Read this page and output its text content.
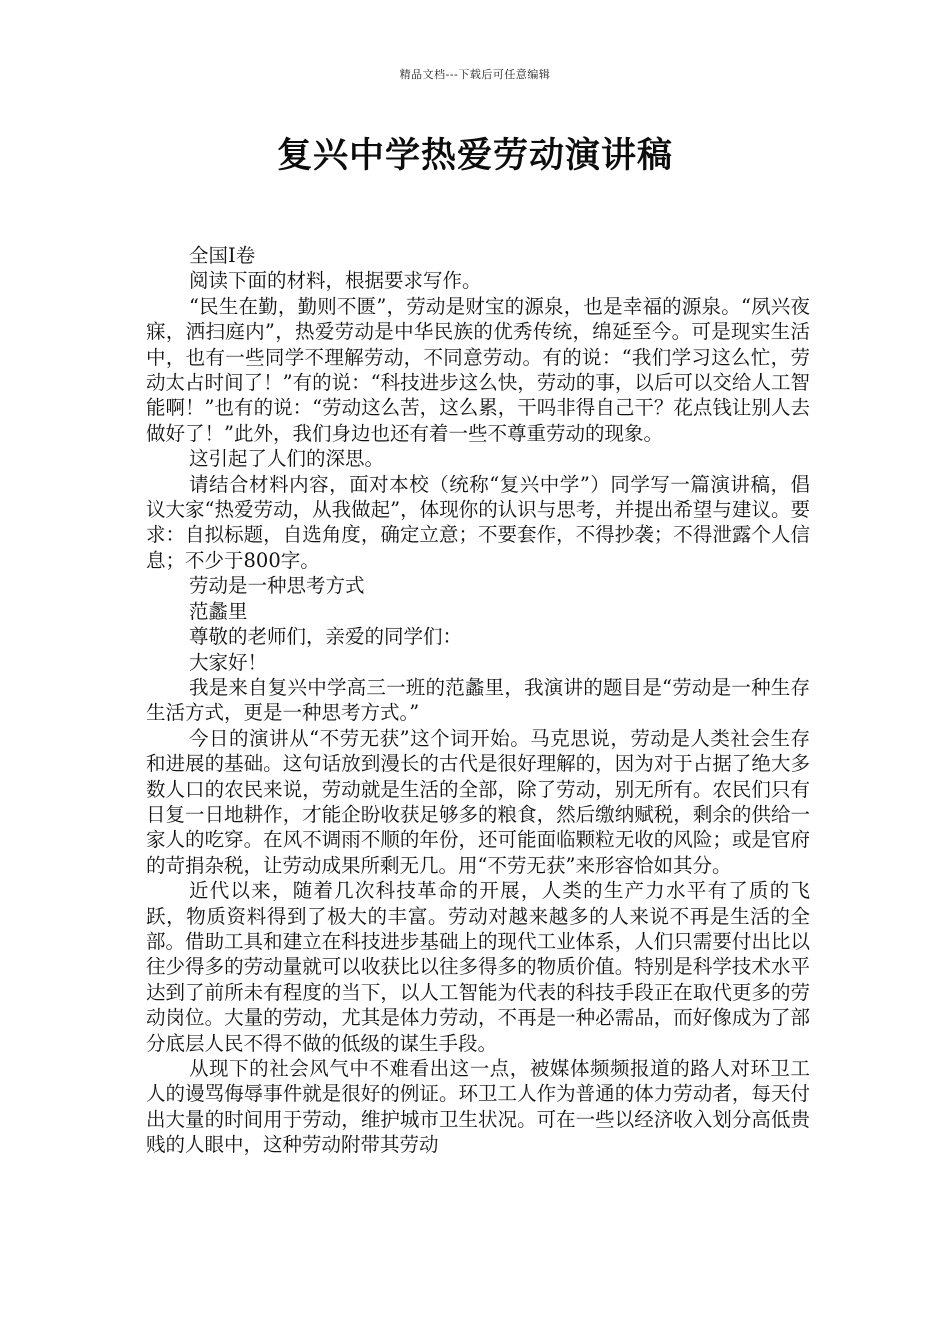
精品文档---下载后可任意编辑
复兴中学热爱劳动演讲稿

全国Ⅰ卷

阅读下面的材料，根据要求写作。

“民生在勤，勤则不匮”，劳动是财宝的源泉，也是幸福的源泉。“夙兴夜寐，洒扫庭内”，热爱劳动是中华民族的优秀传统，绵延至今。可是现实生活中，也有一些同学不理解劳动，不同意劳动。有的说：“我们学习这么忙，劳动太占时间了！”有的说：“科技进步这么快，劳动的事，以后可以交给人工智能啊！”也有的说：“劳动这么苦，这么累，干吗非得自己干？花点钱让别人去做好了！”此外，我们身边也还有着一些不尊重劳动的现象。

这引起了人们的深思。

请结合材料内容，面对本校（统称“复兴中学”）同学写一篇演讲稿，倡议大家“热爱劳动，从我做起”，体现你的认识与思考，并提出希望与建议。要求：自拟标题，自选角度，确定立意；不要套作，不得抄袭；不得泄露个人信息；不少于800字。

劳动是一种思考方式

范蠡里

尊敬的老师们，亲爱的同学们：

大家好！

我是来自复兴中学高三一班的范蠡里，我演讲的题目是“劳动是一种生存生活方式，更是一种思考方式。”

今日的演讲从“不劳无获”这个词开始。马克思说，劳动是人类社会生存和进展的基础。这句话放到漫长的古代是很好理解的，因为对于占据了绝大多数人口的农民来说，劳动就是生活的全部，除了劳动，别无所有。农民们只有日复一日地耕作，才能企盼收获足够多的粮食，然后缴纳赋税，剩余的供给一家人的吃穿。在风不调雨不顺的年份，还可能面临颗粒无收的风险；或是官府的苛捐杂税，让劳动成果所剩无几。用“不劳无获”来形容恰如其分。

近代以来，随着几次科技革命的开展，人类的生产力水平有了质的飞跃，物质资料得到了极大的丰富。劳动对越来越多的人来说不再是生活的全部。借助工具和建立在科技进步基础上的现代工业体系，人们只需要付出比以往少得多的劳动量就可以收获比以往多得多的物质价值。特别是科学技术水平达到了前所未有程度的当下，以人工智能为代表的科技手段正在取代更多的劳动岗位。大量的劳动，尤其是体力劳动，不再是一种必需品，而好像成为了部分底层人民不得不做的低级的谋生手段。

从现下的社会风气中不难看出这一点，被媒体频频报道的路人对环卫工人的谩骂侮辱事件就是很好的例证。环卫工人作为普通的体力劳动者，每天付出大量的时间用于劳动，维护城市卫生状况。可在一些以经济收入划分高低贵贱的人眼中，这种劳动附带其劳动
